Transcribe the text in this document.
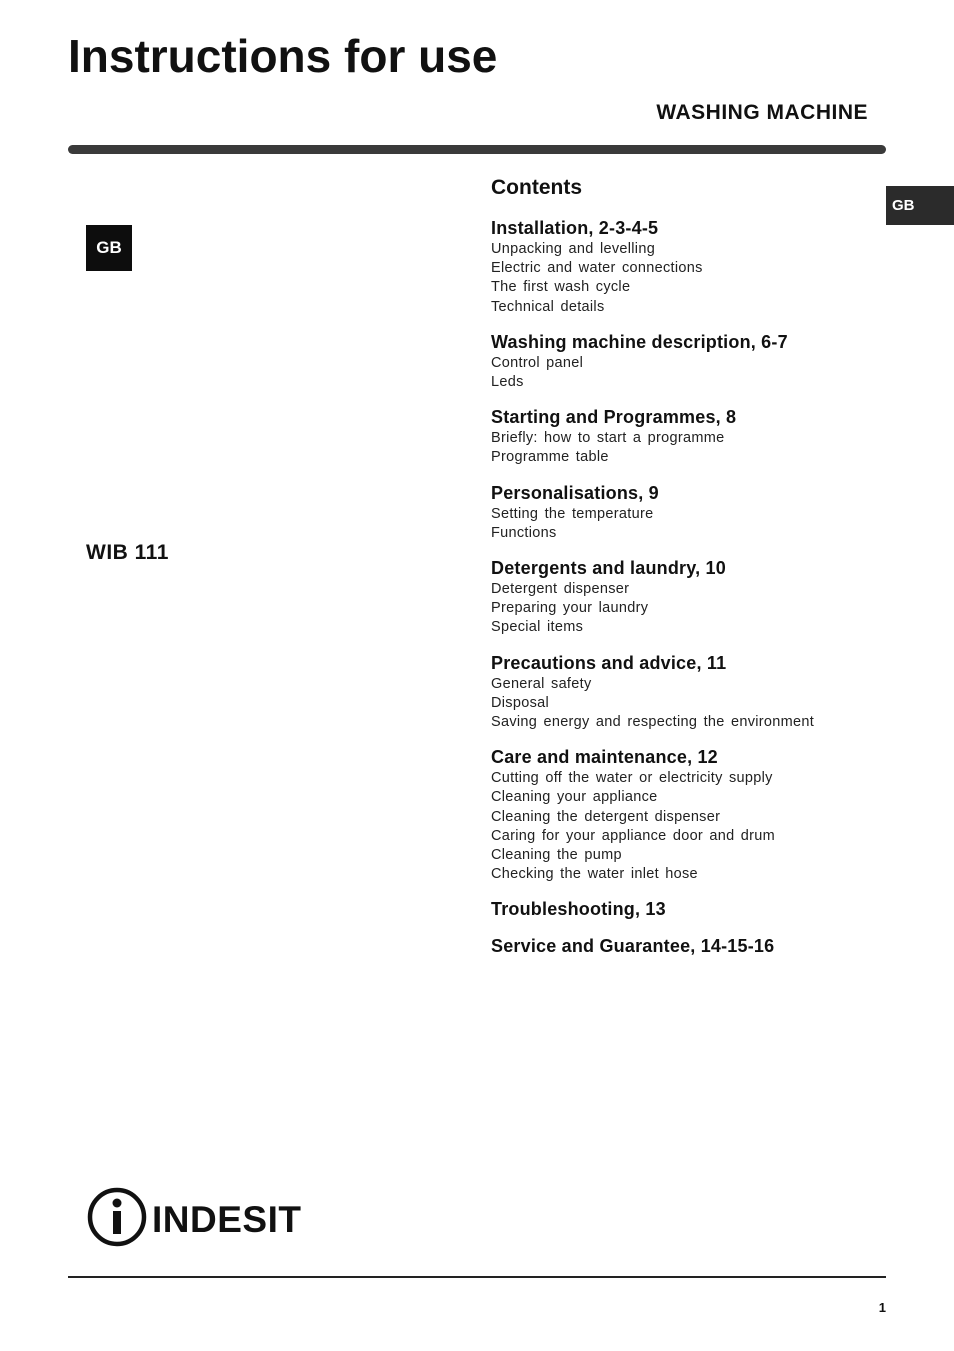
Instructions for use
WASHING MACHINE
GB
GB
WIB 111
Contents
Installation, 2-3-4-5
Unpacking and levelling
Electric and water connections
The first wash cycle
Technical details
Washing machine description, 6-7
Control panel
Leds
Starting and Programmes, 8
Briefly: how to start a programme
Programme table
Personalisations, 9
Setting the temperature
Functions
Detergents and laundry, 10
Detergent dispenser
Preparing your laundry
Special items
Precautions and advice, 11
General safety
Disposal
Saving energy and respecting the environment
Care and maintenance, 12
Cutting off the water or electricity supply
Cleaning your appliance
Cleaning the detergent dispenser
Caring for your appliance door and drum
Cleaning the pump
Checking the water inlet hose
Troubleshooting, 13
Service and Guarantee, 14-15-16
INDESIT
1
